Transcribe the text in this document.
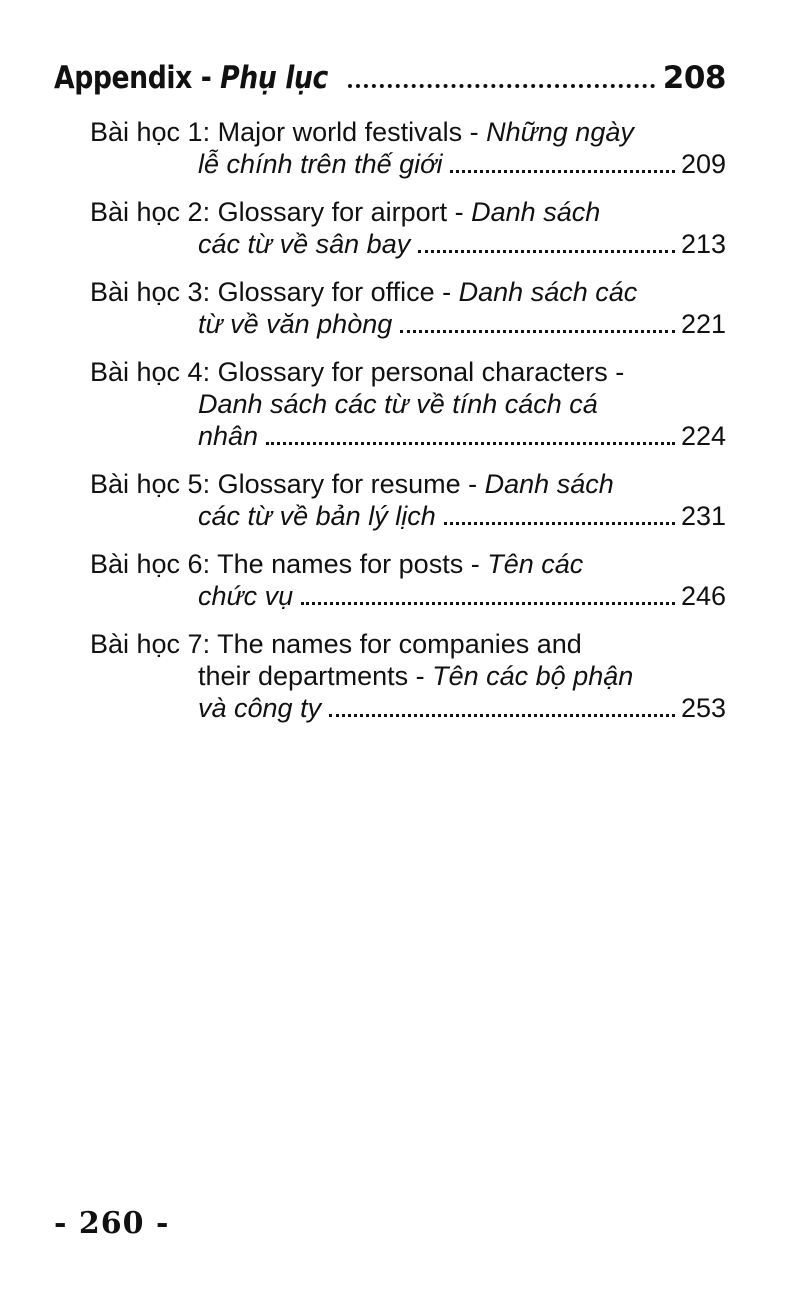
Appendix - Phụ lục	208
Bài học 1: Major world festivals - Những ngày
lễ chính trên thế giới	209
Bài học 2: Glossary for airport - Danh sách
các từ về sân bay	213
Bài học 3: Glossary for office - Danh sách các
từ về văn phòng	221
Bài học 4: Glossary for personal characters -
Danh sách các từ về tính cách cá
nhân	224
Bài học 5: Glossary for resume - Danh sách
các từ về bản lý lịch	231
Bài học 6: The names for posts - Tên các
chức vụ	246
Bài học 7: The names for companies and
their departments - Tên các bộ phận
và công ty	253
- 260 -
